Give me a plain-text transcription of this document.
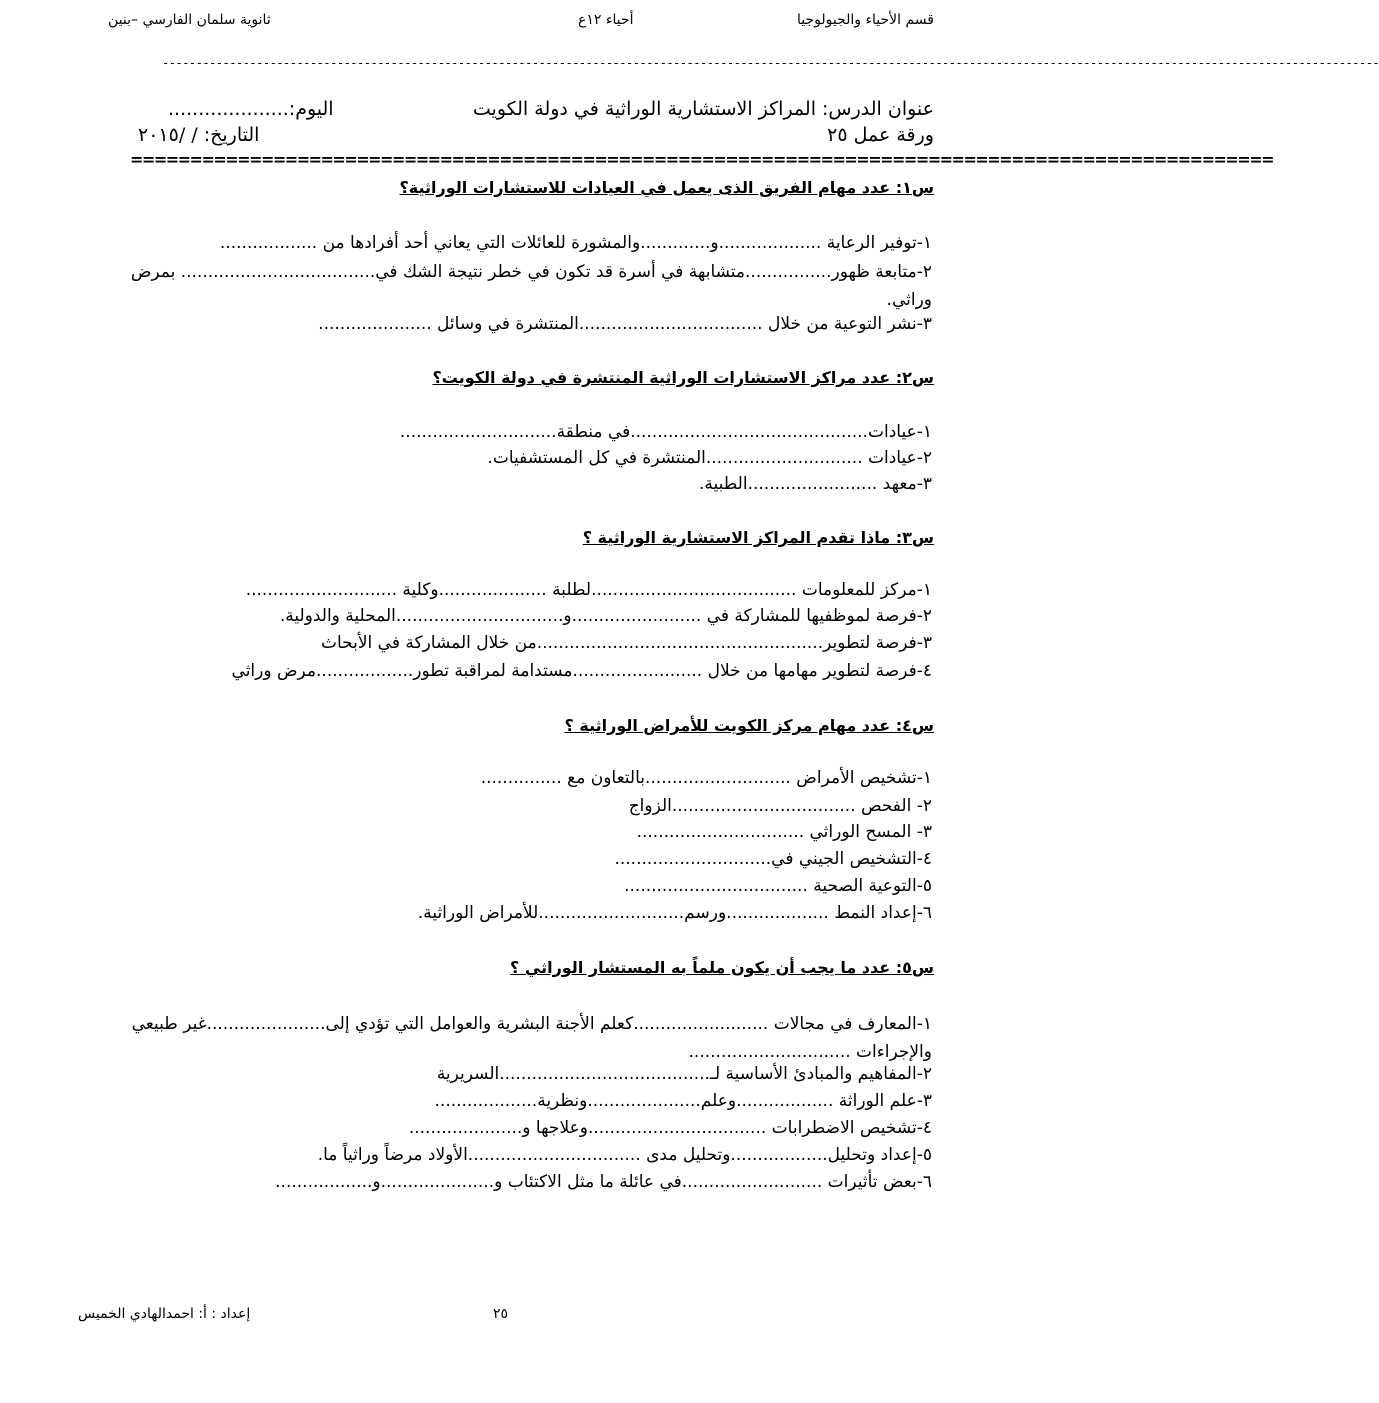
قسم الأحياء والجيولوجيا
أحياء ١٢ع
ثانوية سلمان الفارسي –بنين
-------------------------------------------------------------------------------------------------------------------------------------------------------------------------------------
عنوان الدرس: المراكز الاستشارية الوراثية في دولة الكويت
ورقة عمل ٢٥
اليوم:....................
التاريخ: / /٢٠١٥
================================================================================================
س١: عدد مهام الفريق الذى يعمل في العيادات للاستشارات الوراثية؟
١-توفير الرعاية ...................و.............والمشورة للعائلات التي يعاني أحد أفرادها من ..................
٢-متابعة ظهور................متشابهة في أسرة قد تكون في خطر نتيجة الشك في.................................... بمرض وراثي.
٣-نشر التوعية من خلال ..................................المنتشرة في وسائل .....................
س٢: عدد مراكز الاستشارات الوراثية المنتشرة في دولة الكويت؟
١-عيادات............................................في منطقة.............................
٢-عيادات .............................المنتشرة في كل المستشفيات.
٣-معهد ........................الطبية.
س٣: ماذا تقدم المراكز الاستشارية الوراثية ؟
١-مركز للمعلومات ......................................لطلبة ....................وكلية ............................
٢-فرصة لموظفيها للمشاركة في ........................و...............................المحلية والدولية.
٣-فرصة لتطوير.....................................................من خلال المشاركة في الأبحاث
٤-فرصة لتطوير مهامها من خلال ........................مستدامة لمراقبة تطور..................مرض وراثي
س٤: عدد مهام مركز الكويت للأمراض الوراثية ؟
١-تشخيص الأمراض ...........................بالتعاون مع ...............
٢- الفحص ..................................الزواج
٣- المسح الوراثي ...............................
٤-التشخيص الجيني في.............................
٥-التوعية الصحية ..................................
٦-إعداد النمط ...................ورسم...........................للأمراض الوراثية.
س٥: عدد ما يجب أن يكون ملماً به المستشار الوراثي ؟
١-المعارف في مجالات .........................كعلم الأجنة البشرية والعوامل التي تؤدي إلى......................غير طبيعي والإجراءات ..............................
٢-المفاهيم والمبادئ الأساسية لـ.......................................السريرية
٣-علم الوراثة ..................وعلم.....................ونظرية...................
٤-تشخيص الاضطرابات .................................وعلاجها و.....................
٥-إعداد وتحليل..................وتحليل مدى ................................الأولاد مرضاً وراثياً ما.
٦-بعض تأثيرات ..........................في عائلة ما مثل الاكتئاب و.....................و..................
٢٥
إعداد : أ: احمدالهادي الخميس
